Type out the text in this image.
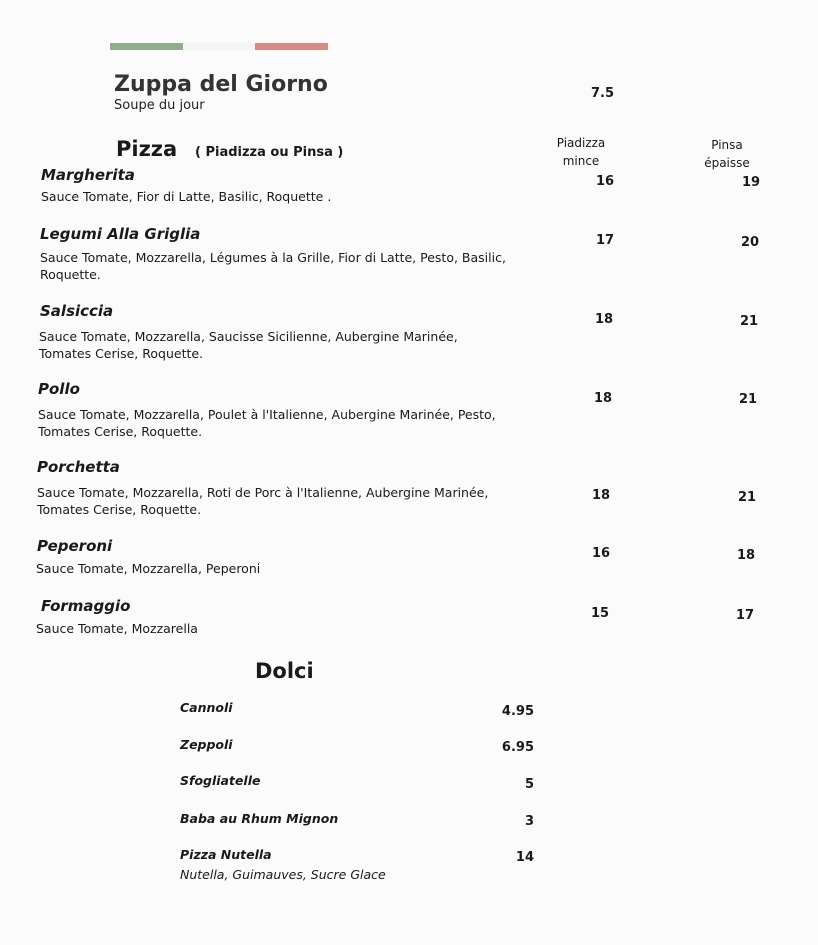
Zuppa del Giorno
Soupe du jour
7.5
Pizza ( Piadizza ou Pinsa )
Piadizza
mince
Pinsa
épaisse
Margherita
Sauce Tomate, Fior di Latte, Basilic, Roquette .
16	19
Legumi Alla Griglia
Sauce Tomate, Mozzarella, Légumes à la Grille, Fior di Latte, Pesto, Basilic, Roquette.
17	20
Salsiccia
Sauce Tomate, Mozzarella, Saucisse Sicilienne, Aubergine Marinée, Tomates Cerise, Roquette.
18	21
Pollo
Sauce Tomate, Mozzarella, Poulet à l'Italienne, Aubergine Marinée, Pesto, Tomates Cerise, Roquette.
18	21
Porchetta
Sauce Tomate, Mozzarella, Roti de Porc à l'Italienne, Aubergine Marinée, Tomates Cerise, Roquette.
18	21
Peperoni
Sauce Tomate, Mozzarella, Peperoni
16	18
Formaggio
Sauce Tomate, Mozzarella
15	17
Dolci
Cannoli	4.95
Zeppoli	6.95
Sfogliatelle	5
Baba au Rhum Mignon	3
Pizza Nutella
Nutella, Guimauves, Sucre Glace
14
